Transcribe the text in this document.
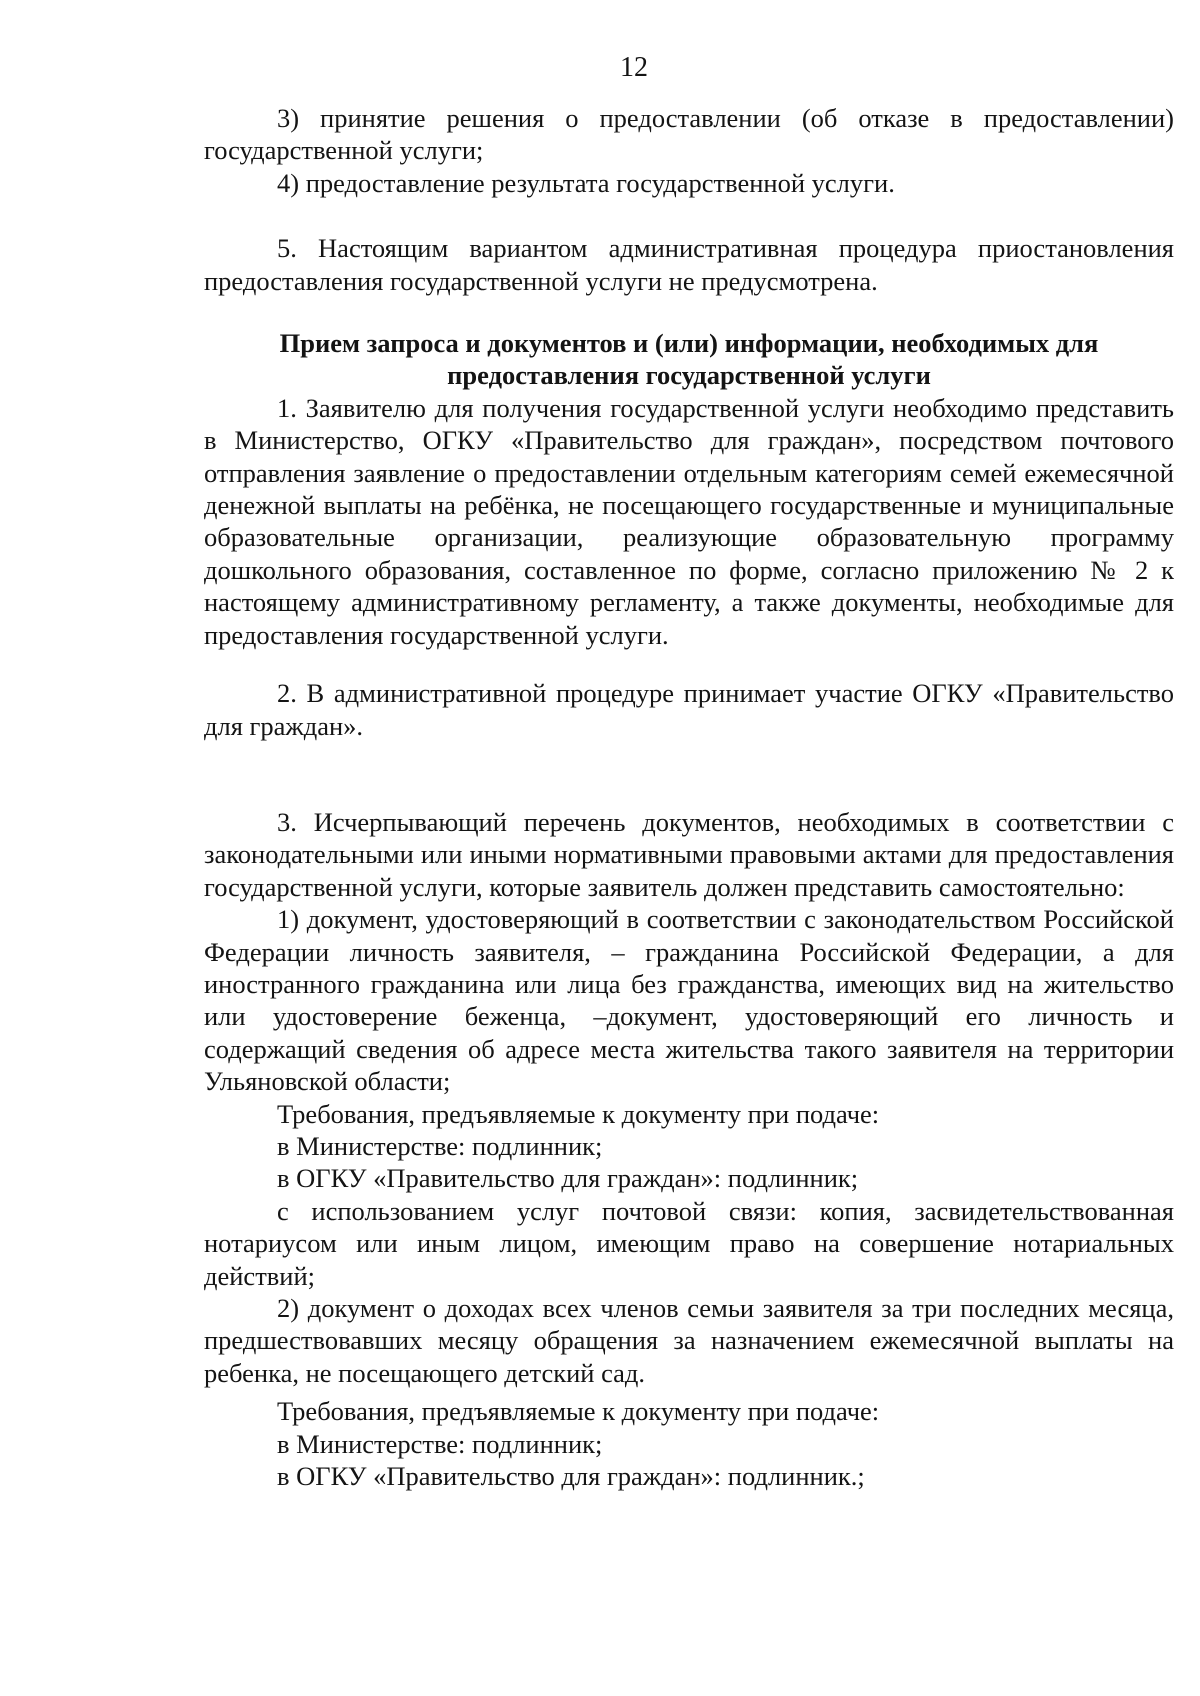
12

3) принятие решения о предоставлении (об отказе в предоставлении) государственной услуги;

4) предоставление результата государственной услуги.

5. Настоящим вариантом административная процедура приостановления предоставления государственной услуги не предусмотрена.

Прием запроса и документов и (или) информации, необходимых для
предоставления государственной услуги

1. Заявителю для получения государственной услуги необходимо представить в Министерство, ОГКУ «Правительство для граждан», посредством почтового отправления заявление о предоставлении отдельным категориям семей ежемесячной денежной выплаты на ребёнка, не посещающего государственные и муниципальные образовательные организации, реализующие образовательную программу дошкольного образования, составленное по форме, согласно приложению № 2 к настоящему административному регламенту, а также документы, необходимые для предоставления государственной услуги.

2. В административной процедуре принимает участие ОГКУ «Правительство для граждан».

3. Исчерпывающий перечень документов, необходимых в соответствии с законодательными или иными нормативными правовыми актами для предоставления государственной услуги, которые заявитель должен представить самостоятельно:

1) документ, удостоверяющий в соответствии с законодательством Российской Федерации личность заявителя, – гражданина Российской Федерации, а для иностранного гражданина или лица без гражданства, имеющих вид на жительство или удостоверение беженца, –документ, удостоверяющий его личность и содержащий сведения об адресе места жительства такого заявителя на территории Ульяновской области;

Требования, предъявляемые к документу при подаче:

в Министерстве: подлинник;

в ОГКУ «Правительство для граждан»: подлинник;

с использованием услуг почтовой связи: копия, засвидетельствованная нотариусом или иным лицом, имеющим право на совершение нотариальных действий;

2) документ о доходах всех членов семьи заявителя за три последних месяца, предшествовавших месяцу обращения за назначением ежемесячной выплаты на ребенка, не посещающего детский сад.

Требования, предъявляемые к документу при подаче:

в Министерстве: подлинник;

в ОГКУ «Правительство для граждан»: подлинник.;
